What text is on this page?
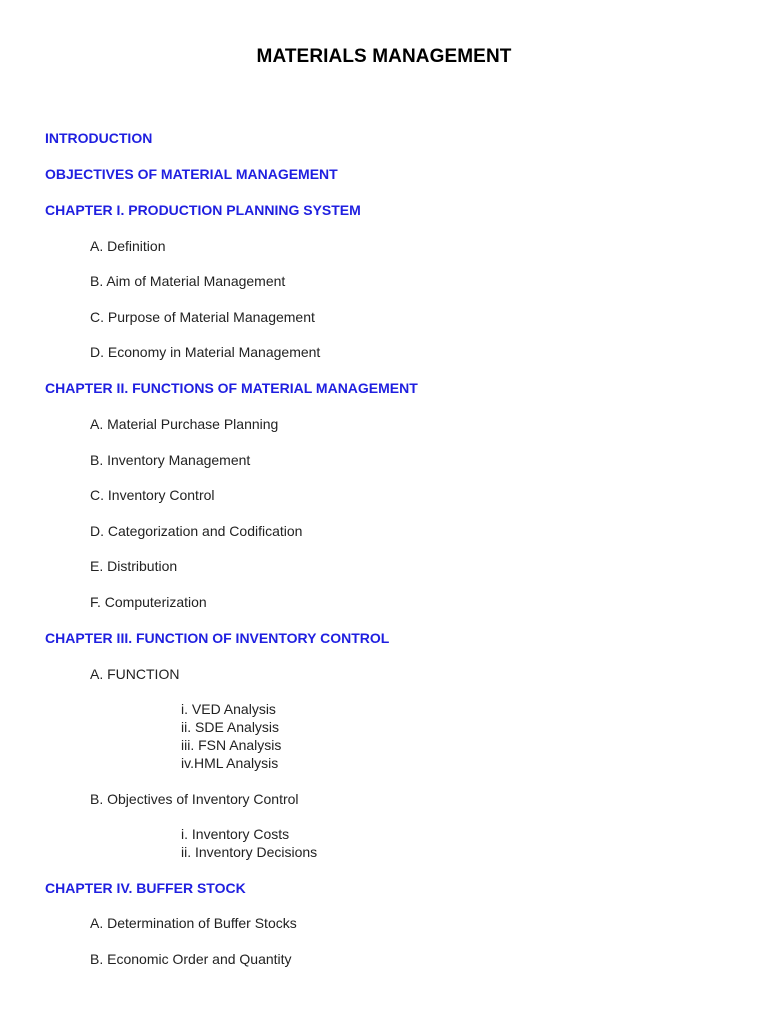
MATERIALS MANAGEMENT
INTRODUCTION
OBJECTIVES OF MATERIAL MANAGEMENT
CHAPTER I. PRODUCTION PLANNING SYSTEM
A. Definition
B. Aim of Material Management
C. Purpose of Material Management
D. Economy in Material Management
CHAPTER II. FUNCTIONS OF MATERIAL MANAGEMENT
A. Material Purchase Planning
B. Inventory Management
C. Inventory Control
D. Categorization and Codification
E. Distribution
F. Computerization
CHAPTER III. FUNCTION OF INVENTORY CONTROL
A. FUNCTION
i. VED Analysis
ii. SDE Analysis
iii. FSN Analysis
iv.HML Analysis
B. Objectives of Inventory Control
i. Inventory Costs
ii. Inventory Decisions
CHAPTER IV. BUFFER STOCK
A. Determination of Buffer Stocks
B. Economic Order and Quantity
